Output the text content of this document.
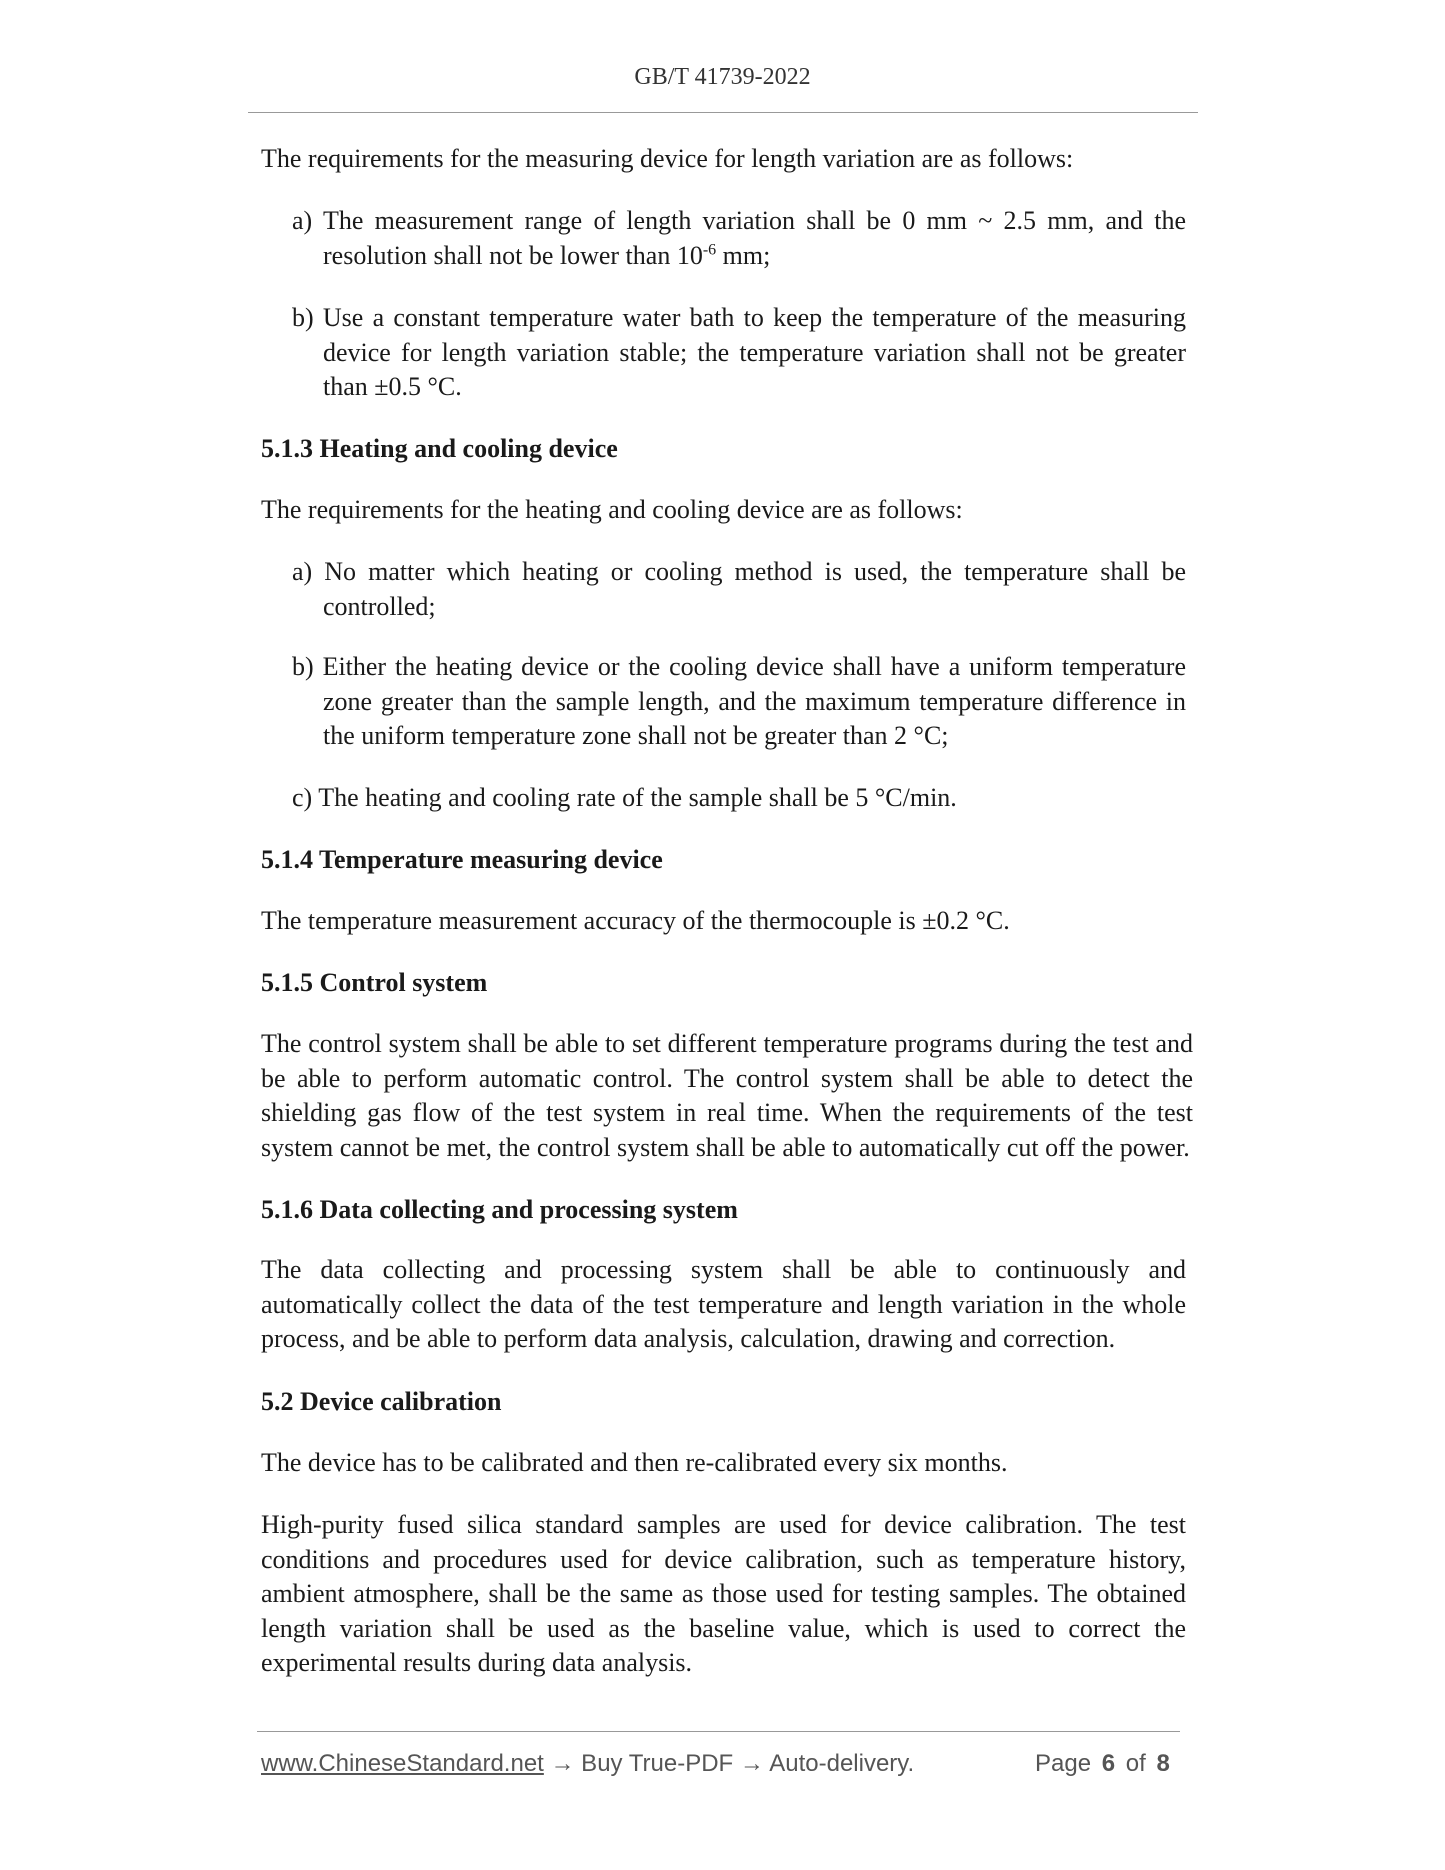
GB/T 41739-2022
The requirements for the measuring device for length variation are as follows:
a) The measurement range of length variation shall be 0 mm ~ 2.5 mm, and the resolution shall not be lower than $10^{-6}$ mm;
b) Use a constant temperature water bath to keep the temperature of the measuring device for length variation stable; the temperature variation shall not be greater than ±0.5 °C.
5.1.3 Heating and cooling device
The requirements for the heating and cooling device are as follows:
a) No matter which heating or cooling method is used, the temperature shall be controlled;
b) Either the heating device or the cooling device shall have a uniform temperature zone greater than the sample length, and the maximum temperature difference in the uniform temperature zone shall not be greater than 2 °C;
c) The heating and cooling rate of the sample shall be 5 °C/min.
5.1.4 Temperature measuring device
The temperature measurement accuracy of the thermocouple is ±0.2 °C.
5.1.5 Control system
The control system shall be able to set different temperature programs during the test and be able to perform automatic control. The control system shall be able to detect the shielding gas flow of the test system in real time. When the requirements of the test system cannot be met, the control system shall be able to automatically cut off the power.
5.1.6 Data collecting and processing system
The data collecting and processing system shall be able to continuously and automatically collect the data of the test temperature and length variation in the whole process, and be able to perform data analysis, calculation, drawing and correction.
5.2 Device calibration
The device has to be calibrated and then re-calibrated every six months.
High-purity fused silica standard samples are used for device calibration. The test conditions and procedures used for device calibration, such as temperature history, ambient atmosphere, shall be the same as those used for testing samples. The obtained length variation shall be used as the baseline value, which is used to correct the experimental results during data analysis.
www.ChineseStandard.net → Buy True-PDF → Auto-delivery.	Page 6 of 8
